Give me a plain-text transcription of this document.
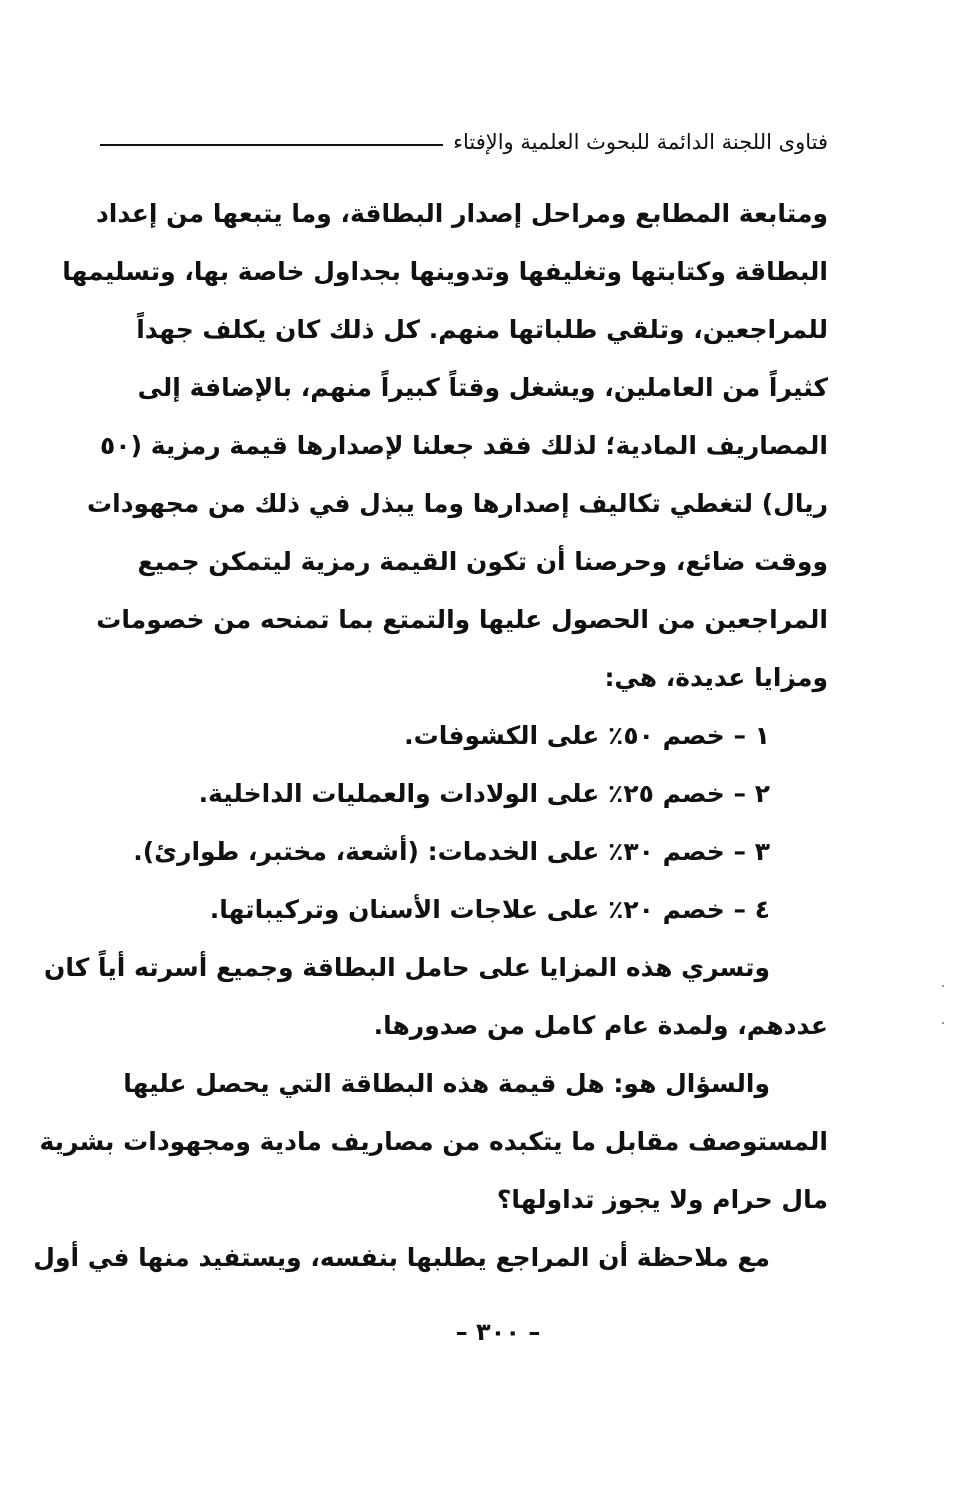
فتاوى اللجنة الدائمة للبحوث العلمية والإفتاء
ومتابعة المطابع ومراحل إصدار البطاقة، وما يتبعها من إعداد
البطاقة وكتابتها وتغليفها وتدوينها بجداول خاصة بها، وتسليمها
للمراجعين، وتلقي طلباتها منهم. كل ذلك كان يكلف جهداً
كثيراً من العاملين، ويشغل وقتاً كبيراً منهم، بالإضافة إلى
المصاريف المادية؛ لذلك فقد جعلنا لإصدارها قيمة رمزية (٥٠
ريال) لتغطي تكاليف إصدارها وما يبذل في ذلك من مجهودات
ووقت ضائع، وحرصنا أن تكون القيمة رمزية ليتمكن جميع
المراجعين من الحصول عليها والتمتع بما تمنحه من خصومات
ومزايا عديدة، هي:
١ – خصم ٥٠٪ على الكشوفات.
٢ – خصم ٢٥٪ على الولادات والعمليات الداخلية.
٣ – خصم ٣٠٪ على الخدمات: (أشعة، مختبر، طوارئ).
٤ – خصم ٢٠٪ على علاجات الأسنان وتركيباتها.
وتسري هذه المزايا على حامل البطاقة وجميع أسرته أياً كان
عددهم، ولمدة عام كامل من صدورها.
والسؤال هو: هل قيمة هذه البطاقة التي يحصل عليها
المستوصف مقابل ما يتكبده من مصاريف مادية ومجهودات بشرية
مال حرام ولا يجوز تداولها؟
مع ملاحظة أن المراجع يطلبها بنفسه، ويستفيد منها في أول
– ٣٠٠ –
